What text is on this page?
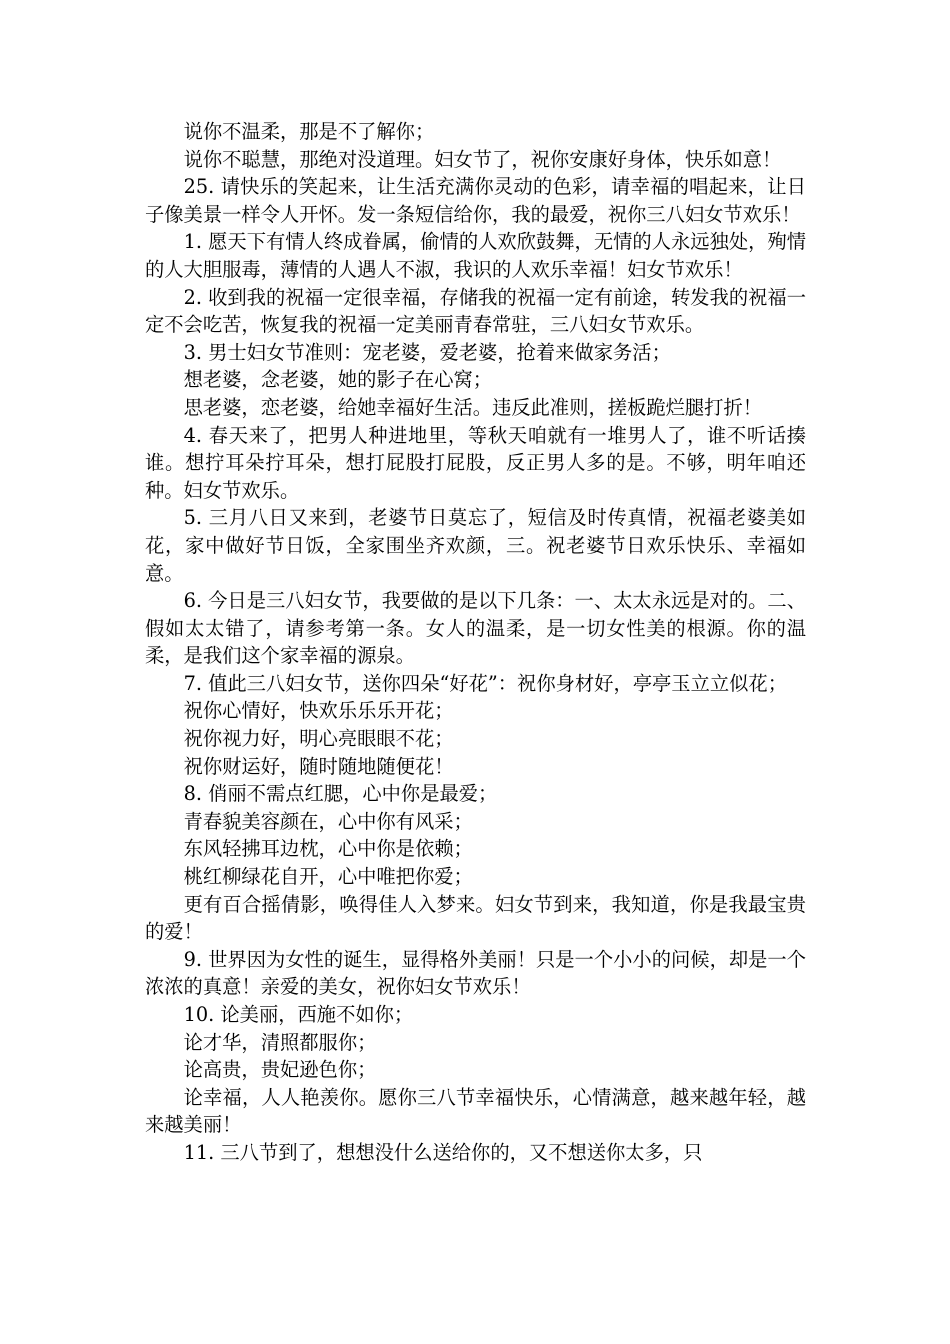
说你不温柔，那是不了解你；

说你不聪慧，那绝对没道理。妇女节了，祝你安康好身体，快乐如意！

25. 请快乐的笑起来，让生活充满你灵动的色彩，请幸福的唱起来，让日子像美景一样令人开怀。发一条短信给你，我的最爱，祝你三八妇女节欢乐！

1. 愿天下有情人终成眷属，偷情的人欢欣鼓舞，无情的人永远独处，殉情的人大胆服毒，薄情的人遇人不淑，我识的人欢乐幸福！妇女节欢乐！

2. 收到我的祝福一定很幸福，存储我的祝福一定有前途，转发我的祝福一定不会吃苦，恢复我的祝福一定美丽青春常驻，三八妇女节欢乐。

3. 男士妇女节准则：宠老婆，爱老婆，抢着来做家务活；

想老婆，念老婆，她的影子在心窝；

思老婆，恋老婆，给她幸福好生活。违反此准则，搓板跪烂腿打折！

4. 春天来了，把男人种进地里，等秋天咱就有一堆男人了，谁不听话揍谁。想拧耳朵拧耳朵，想打屁股打屁股，反正男人多的是。不够，明年咱还种。妇女节欢乐。

5. 三月八日又来到，老婆节日莫忘了，短信及时传真情，祝福老婆美如花，家中做好节日饭，全家围坐齐欢颜，三。祝老婆节日欢乐快乐、幸福如意。

6. 今日是三八妇女节，我要做的是以下几条：一、太太永远是对的。二、假如太太错了，请参考第一条。女人的温柔，是一切女性美的根源。你的温柔，是我们这个家幸福的源泉。

7. 值此三八妇女节，送你四朵“好花”：祝你身材好，亭亭玉立立似花；

祝你心情好，快欢乐乐乐开花；

祝你视力好，明心亮眼眼不花；

祝你财运好，随时随地随便花！

8. 俏丽不需点红腮，心中你是最爱；

青春貌美容颜在，心中你有风采；

东风轻拂耳边枕，心中你是依赖；

桃红柳绿花自开，心中唯把你爱；

更有百合摇倩影，唤得佳人入梦来。妇女节到来，我知道，你是我最宝贵的爱！

9. 世界因为女性的诞生，显得格外美丽！只是一个小小的问候，却是一个浓浓的真意！亲爱的美女，祝你妇女节欢乐！

10. 论美丽，西施不如你；

论才华，清照都服你；

论高贵，贵妃逊色你；

论幸福，人人艳羡你。愿你三八节幸福快乐，心情满意，越来越年轻，越来越美丽！

11. 三八节到了，想想没什么送给你的，又不想送你太多，只
